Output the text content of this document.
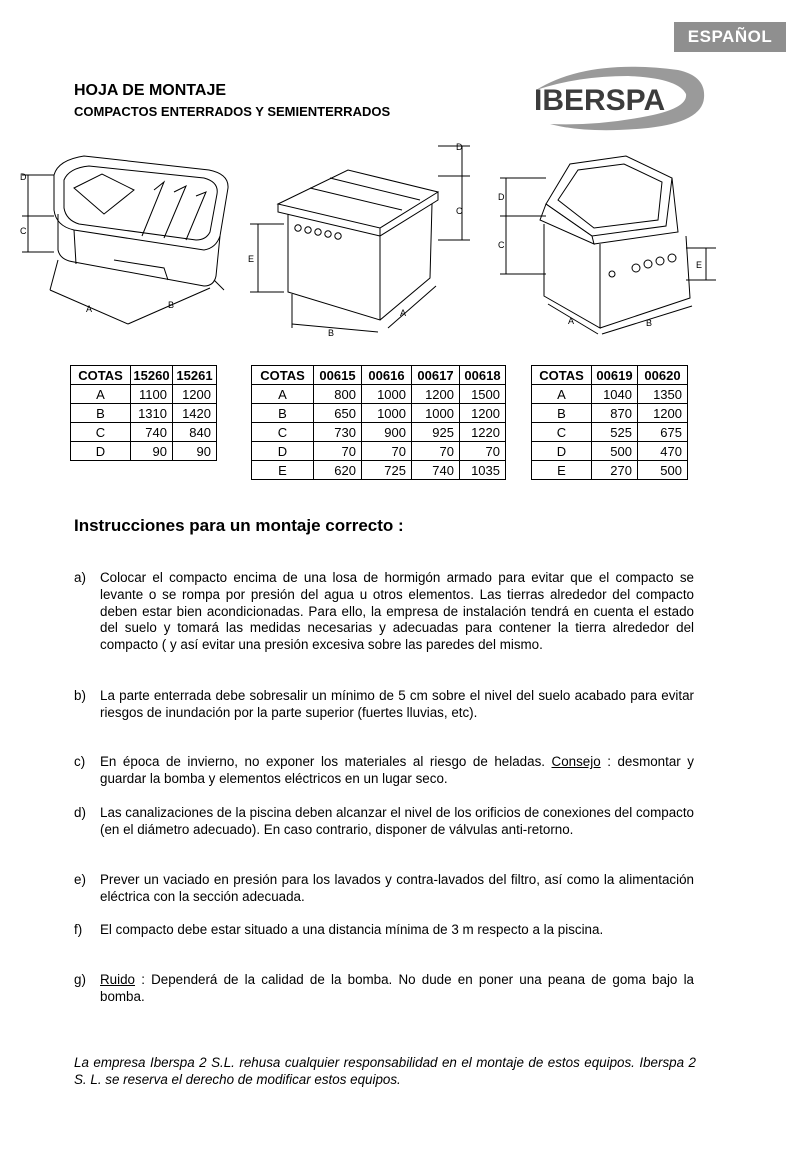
ESPAÑOL
HOJA DE MONTAJE
COMPACTOS ENTERRADOS Y SEMIENTERRADOS	IBERSPA
D
C
A	B
D
C
E
B
A
D
C
E
A	B
COTAS	15260	15261
A	1100	1200
B	1310	1420
C	740	840
D	90	90
COTAS	00615	00616	00617	00618
A	800	1000	1200	1500
B	650	1000	1000	1200
C	730	900	925	1220
D	70	70	70	70
E	620	725	740	1035
COTAS	00619	00620
A	1040	1350
B	870	1200
C	525	675
D	500	470
E	270	500
Instrucciones para un montaje correcto :
a) Colocar el compacto encima de una losa de hormigón armado para evitar que el compacto se levante o se rompa por presión del agua u otros elementos. Las tierras alrededor del compacto deben estar bien acondicionadas. Para ello, la empresa de instalación tendrá en cuenta el estado del suelo y tomará las medidas necesarias y adecuadas para contener la tierra alrededor del compacto ( y así evitar una presión excesiva sobre las paredes del mismo.
b) La parte enterrada debe sobresalir un mínimo de 5 cm sobre el nivel del suelo acabado para evitar riesgos de inundación por la parte superior (fuertes lluvias, etc).
c) En época de invierno, no exponer los materiales al riesgo de heladas. Consejo : desmontar y guardar la bomba y elementos eléctricos en un lugar seco.
d) Las canalizaciones de la piscina deben alcanzar el nivel de los orificios de conexiones del compacto (en el diámetro adecuado). En caso contrario, disponer de válvulas anti-retorno.
e) Prever un vaciado en presión para los lavados y contra-lavados del filtro, así como la alimentación eléctrica con la sección adecuada.
f) El compacto debe estar situado a una distancia mínima de 3 m respecto a la piscina.
g) Ruido : Dependerá de la calidad de la bomba. No dude en poner una peana de goma bajo la bomba.
La empresa Iberspa 2 S.L. rehusa cualquier responsabilidad en el montaje de estos equipos. Iberspa 2 S. L. se reserva el derecho de modificar estos equipos.
